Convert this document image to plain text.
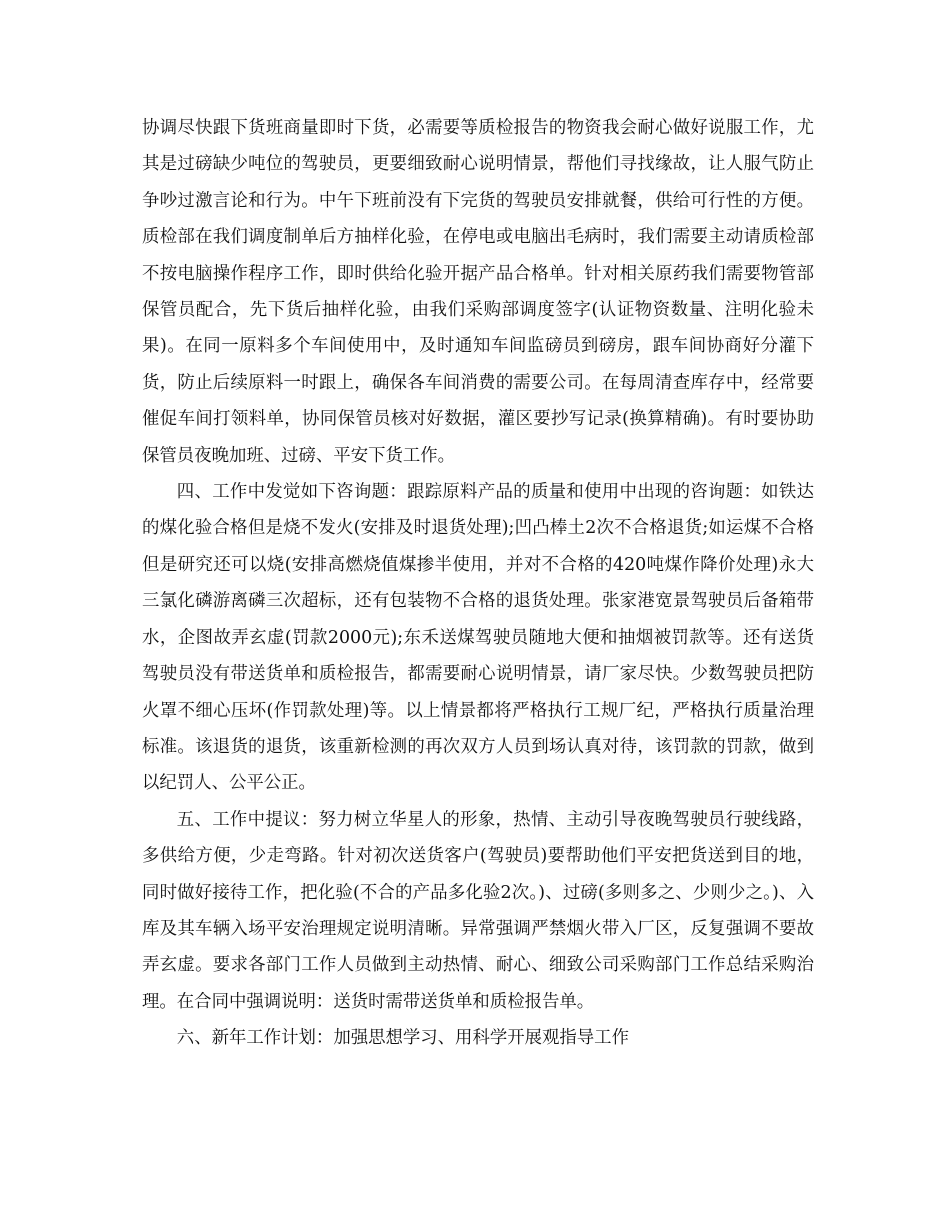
协调尽快跟下货班商量即时下货，必需要等质检报告的物资我会耐心做好说服工作，尤其是过磅缺少吨位的驾驶员，更要细致耐心说明情景，帮他们寻找缘故，让人服气防止争吵过激言论和行为。中午下班前没有下完货的驾驶员安排就餐，供给可行性的方便。质检部在我们调度制单后方抽样化验，在停电或电脑出毛病时，我们需要主动请质检部不按电脑操作程序工作，即时供给化验开据产品合格单。针对相关原药我们需要物管部保管员配合，先下货后抽样化验，由我们采购部调度签字(认证物资数量、注明化验未果)。在同一原料多个车间使用中，及时通知车间监磅员到磅房，跟车间协商好分灌下货，防止后续原料一时跟上，确保各车间消费的需要公司。在每周清查库存中，经常要催促车间打领料单，协同保管员核对好数据，灌区要抄写记录(换算精确)。有时要协助保管员夜晚加班、过磅、平安下货工作。

四、工作中发觉如下咨询题：跟踪原料产品的质量和使用中出现的咨询题：如铁达的煤化验合格但是烧不发火(安排及时退货处理);凹凸棒土2次不合格退货;如运煤不合格但是研究还可以烧(安排高燃烧值煤掺半使用，并对不合格的420吨煤作降价处理)永大三氯化磷游离磷三次超标，还有包装物不合格的退货处理。张家港宽景驾驶员后备箱带水，企图故弄玄虚(罚款2000元);东禾送煤驾驶员随地大便和抽烟被罚款等。还有送货驾驶员没有带送货单和质检报告，都需要耐心说明情景，请厂家尽快。少数驾驶员把防火罩不细心压坏(作罚款处理)等。以上情景都将严格执行工规厂纪，严格执行质量治理标准。该退货的退货，该重新检测的再次双方人员到场认真对待，该罚款的罚款，做到以纪罚人、公平公正。

五、工作中提议：努力树立华星人的形象，热情、主动引导夜晚驾驶员行驶线路，多供给方便，少走弯路。针对初次送货客户(驾驶员)要帮助他们平安把货送到目的地，同时做好接待工作，把化验(不合的产品多化验2次。)、过磅(多则多之、少则少之。)、入库及其车辆入场平安治理规定说明清晰。异常强调严禁烟火带入厂区，反复强调不要故弄玄虚。要求各部门工作人员做到主动热情、耐心、细致公司采购部门工作总结采购治理。在合同中强调说明：送货时需带送货单和质检报告单。

六、新年工作计划：加强思想学习、用科学开展观指导工作
